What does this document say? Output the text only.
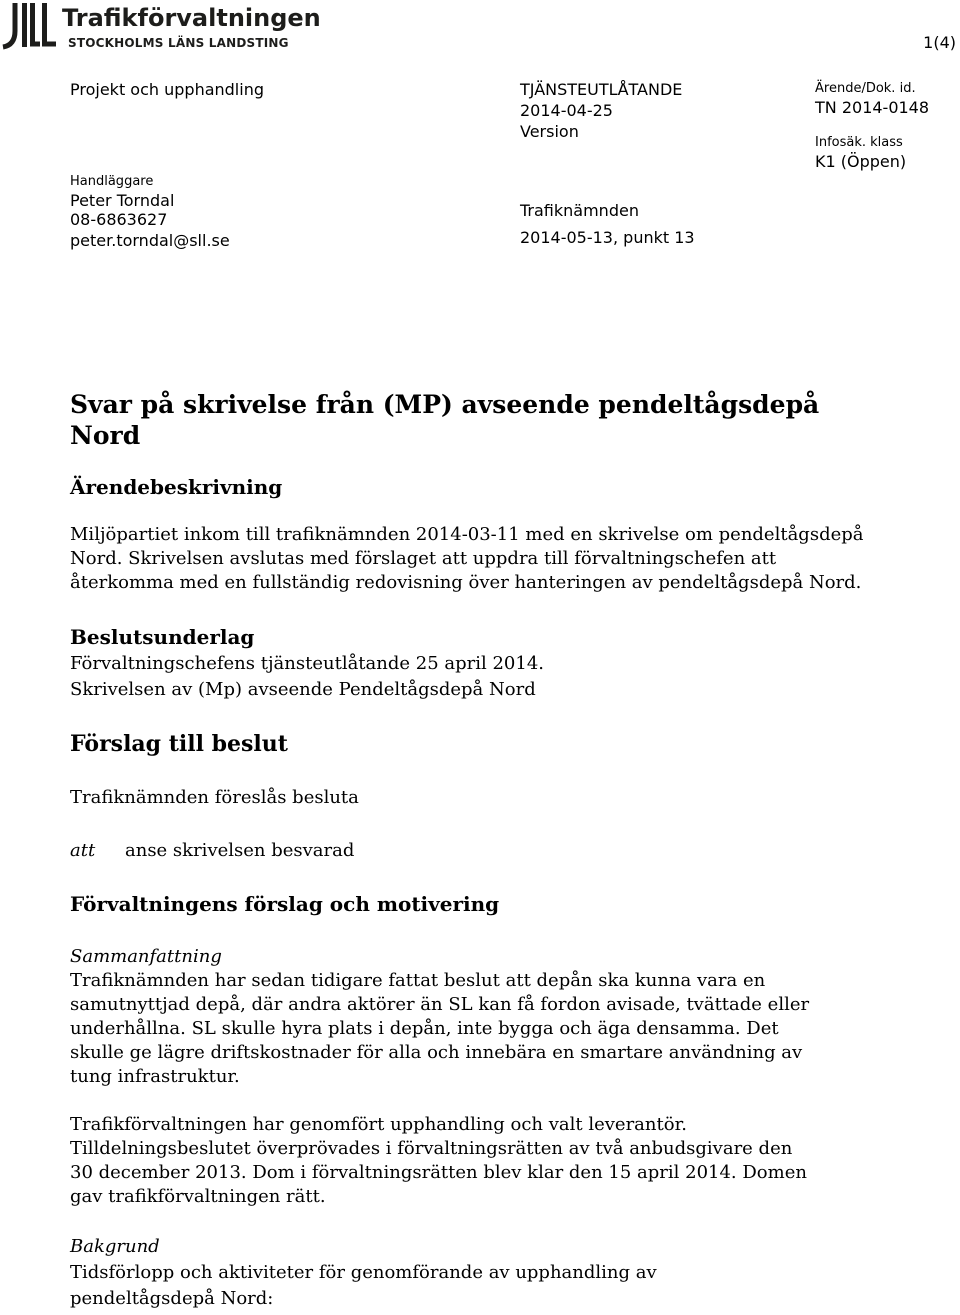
Trafikförvaltningen
STOCKHOLMS LÄNS LANDSTING	1(4)
Projekt och upphandling
Handläggare
Peter Torndal
08-6863627
peter.torndal@sll.se
TJÄNSTEUTLÅTANDE
2014-04-25
Version
Trafiknämnden
2014-05-13, punkt 13
Ärende/Dok. id.
TN 2014-0148
Infosäk. klass
K1 (Öppen)
Svar på skrivelse från (MP) avseende pendeltågsdepå
Nord
Ärendebeskrivning
Miljöpartiet inkom till trafiknämnden 2014-03-11 med en skrivelse om pendeltågsdepå
Nord. Skrivelsen avslutas med förslaget att uppdra till förvaltningschefen att
återkomma med en fullständig redovisning över hanteringen av pendeltågsdepå Nord.
Beslutsunderlag
Förvaltningschefens tjänsteutlåtande 25 april 2014.
Skrivelsen av (Mp) avseende Pendeltågsdepå Nord
Förslag till beslut
Trafiknämnden föreslås besluta
att anse skrivelsen besvarad
Förvaltningens förslag och motivering
Sammanfattning
Trafiknämnden har sedan tidigare fattat beslut att depån ska kunna vara en
samutnyttjad depå, där andra aktörer än SL kan få fordon avisade, tvättade eller
underhållna. SL skulle hyra plats i depån, inte bygga och äga densamma. Det
skulle ge lägre driftskostnader för alla och innebära en smartare användning av
tung infrastruktur.
Trafikförvaltningen har genomfört upphandling och valt leverantör.
Tilldelningsbeslutet överprövades i förvaltningsrätten av två anbudsgivare den
30 december 2013. Dom i förvaltningsrätten blev klar den 15 april 2014. Domen
gav trafikförvaltningen rätt.
Bakgrund
Tidsförlopp och aktiviteter för genomförande av upphandling av
pendeltågsdepå Nord:
